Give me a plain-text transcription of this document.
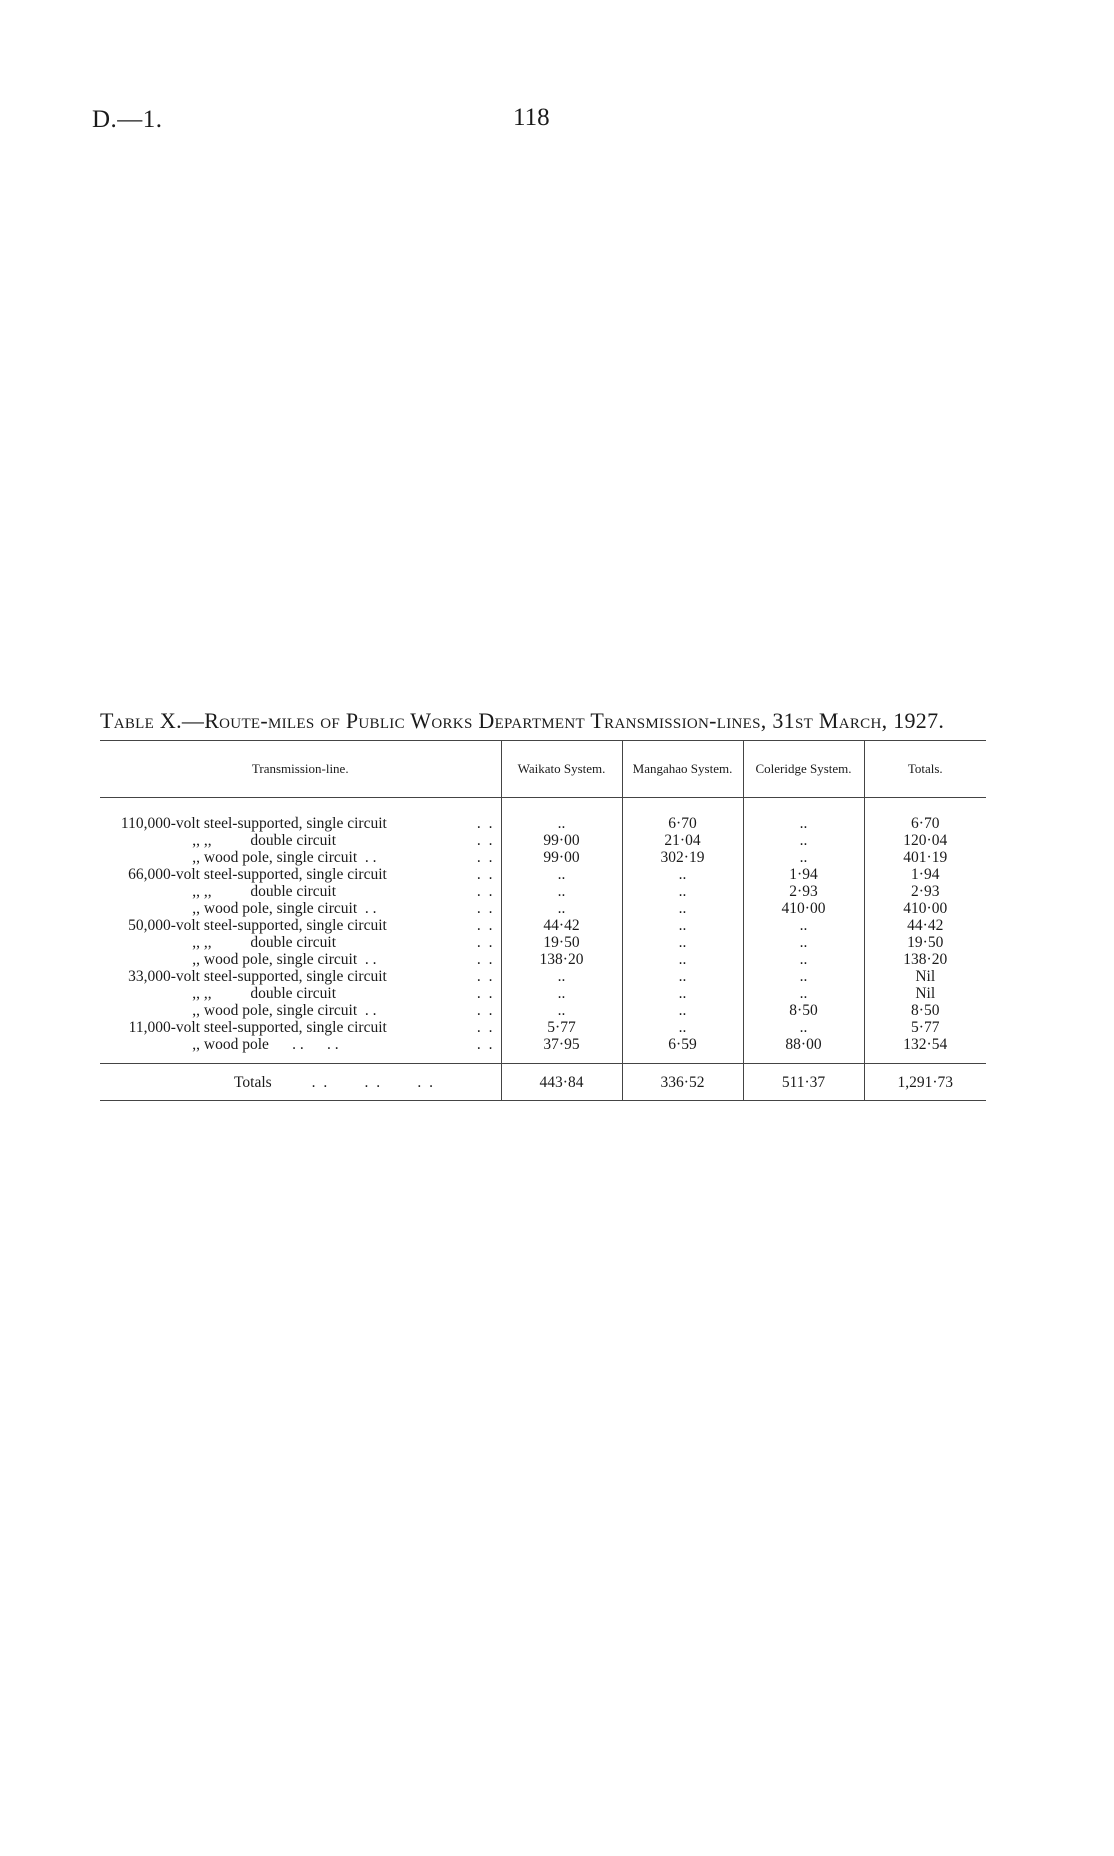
D.—1.	118
Table X.—Route-miles of Public Works Department Transmission-lines, 31st March, 1927.
Transmission-line.	Waikato System.	Mangahao System.	Coleridge System.	Totals.

110,000-volt steel-supported, single circuit . .	..	6·70	..	6·70
,, ,,          double circuit . .	99·00	21·04	..	120·04
,, wood pole, single circuit  . . . .	99·00	302·19	..	401·19
66,000-volt steel-supported, single circuit . .	..	..	1·94	1·94
,, ,,          double circuit . .	..	..	2·93	2·93
,, wood pole, single circuit  . . . .	..	..	410·00	410·00
50,000-volt steel-supported, single circuit . .	44·42	..	..	44·42
,, ,,          double circuit . .	19·50	..	..	19·50
,, wood pole, single circuit  . . . .	138·20	..	..	138·20
33,000-volt steel-supported, single circuit . .	..	..	..	Nil
,, ,,          double circuit . .	..	..	..	Nil
,, wood pole, single circuit  . . . .	..	..	8·50	8·50
11,000-volt steel-supported, single circuit . .	5·77	..	..	5·77
,, wood pole      . .      . . . .	37·95	6·59	88·00	132·54

Totals . .      . .      . .	443·84	336·52	511·37	1,291·73
